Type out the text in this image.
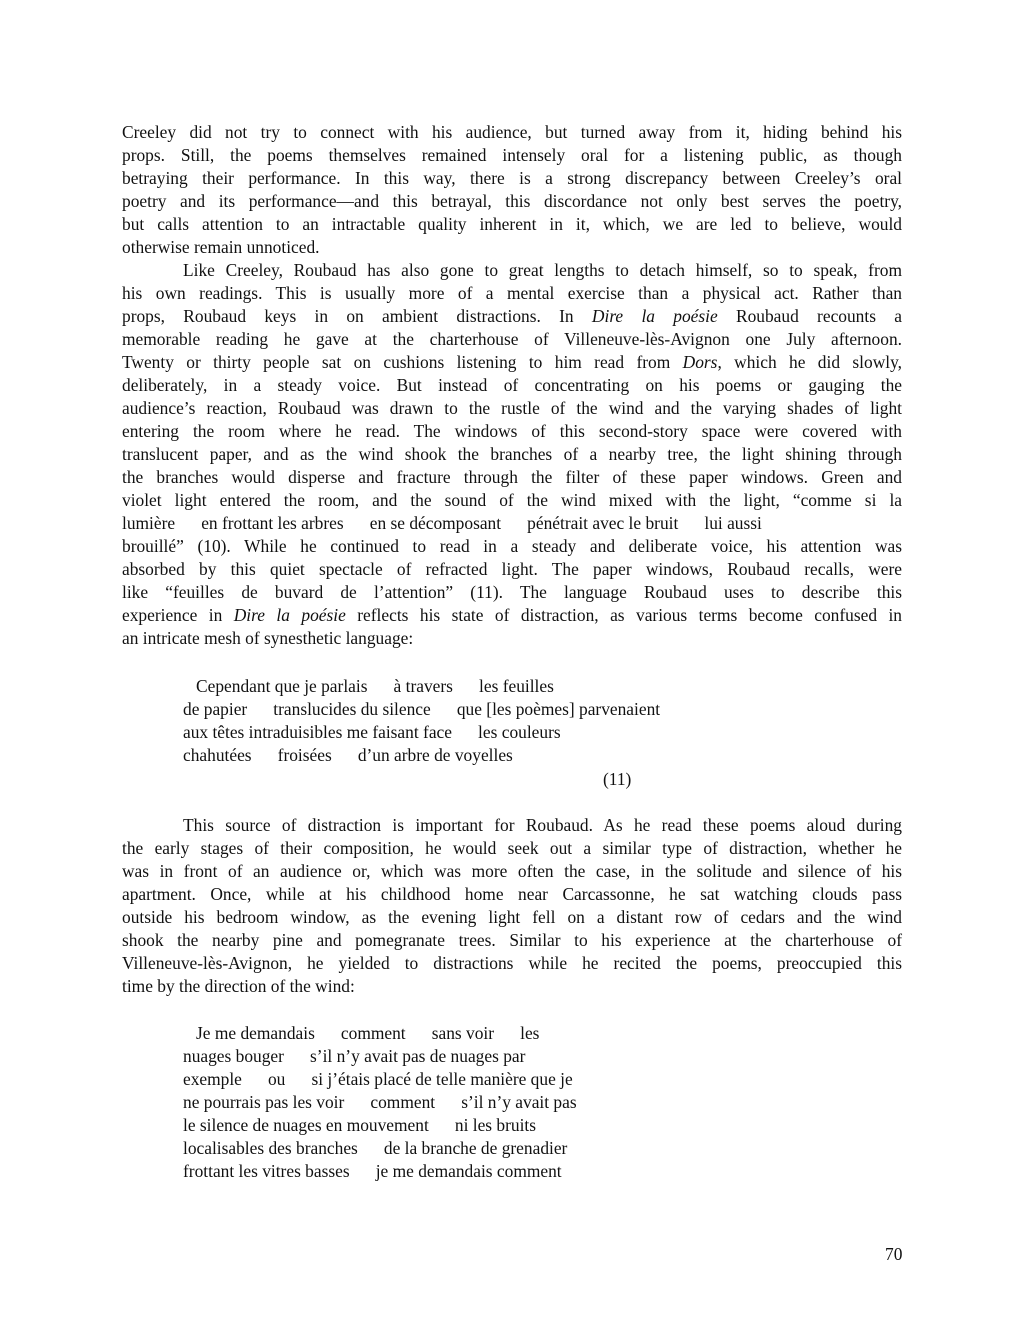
Creeley did not try to connect with his audience, but turned away from it, hiding behind his
props. Still, the poems themselves remained intensely oral for a listening public, as though
betraying their performance. In this way, there is a strong discrepancy between Creeley’s oral
poetry and its performance—and this betrayal, this discordance not only best serves the poetry,
but calls attention to an intractable quality inherent in it, which, we are led to believe, would
otherwise remain unnoticed.
Like Creeley, Roubaud has also gone to great lengths to detach himself, so to speak, from
his own readings. This is usually more of a mental exercise than a physical act. Rather than
props, Roubaud keys in on ambient distractions. In Dire la poésie Roubaud recounts a
memorable reading he gave at the charterhouse of Villeneuve-lès-Avignon one July afternoon.
Twenty or thirty people sat on cushions listening to him read from Dors, which he did slowly,
deliberately, in a steady voice. But instead of concentrating on his poems or gauging the
audience’s reaction, Roubaud was drawn to the rustle of the wind and the varying shades of light
entering the room where he read. The windows of this second-story space were covered with
translucent paper, and as the wind shook the branches of a nearby tree, the light shining through
the branches would disperse and fracture through the filter of these paper windows. Green and
violet light entered the room, and the sound of the wind mixed with the light, “comme si la
lumière      en frottant les arbres      en se décomposant      pénétrait avec le bruit      lui aussi
brouillé” (10). While he continued to read in a steady and deliberate voice, his attention was
absorbed by this quiet spectacle of refracted light. The paper windows, Roubaud recalls, were
like “feuilles de buvard de l’attention” (11). The language Roubaud uses to describe this
experience in Dire la poésie reflects his state of distraction, as various terms become confused in
an intricate mesh of synesthetic language:
Cependant que je parlais      à travers      les feuilles
de papier      translucides du silence      que [les poèmes] parvenaient
aux têtes intraduisibles me faisant face      les couleurs
chahutées      froisées      d’un arbre de voyelles
(11)
This source of distraction is important for Roubaud. As he read these poems aloud during
the early stages of their composition, he would seek out a similar type of distraction, whether he
was in front of an audience or, which was more often the case, in the solitude and silence of his
apartment. Once, while at his childhood home near Carcassonne, he sat watching clouds pass
outside his bedroom window, as the evening light fell on a distant row of cedars and the wind
shook the nearby pine and pomegranate trees. Similar to his experience at the charterhouse of
Villeneuve-lès-Avignon, he yielded to distractions while he recited the poems, preoccupied this
time by the direction of the wind:
Je me demandais      comment      sans voir      les
nuages bouger      s’il n’y avait pas de nuages par
exemple      ou      si j’étais placé de telle manière que je
ne pourrais pas les voir      comment      s’il n’y avait pas
le silence de nuages en mouvement      ni les bruits
localisables des branches      de la branche de grenadier
frottant les vitres basses      je me demandais comment
70
